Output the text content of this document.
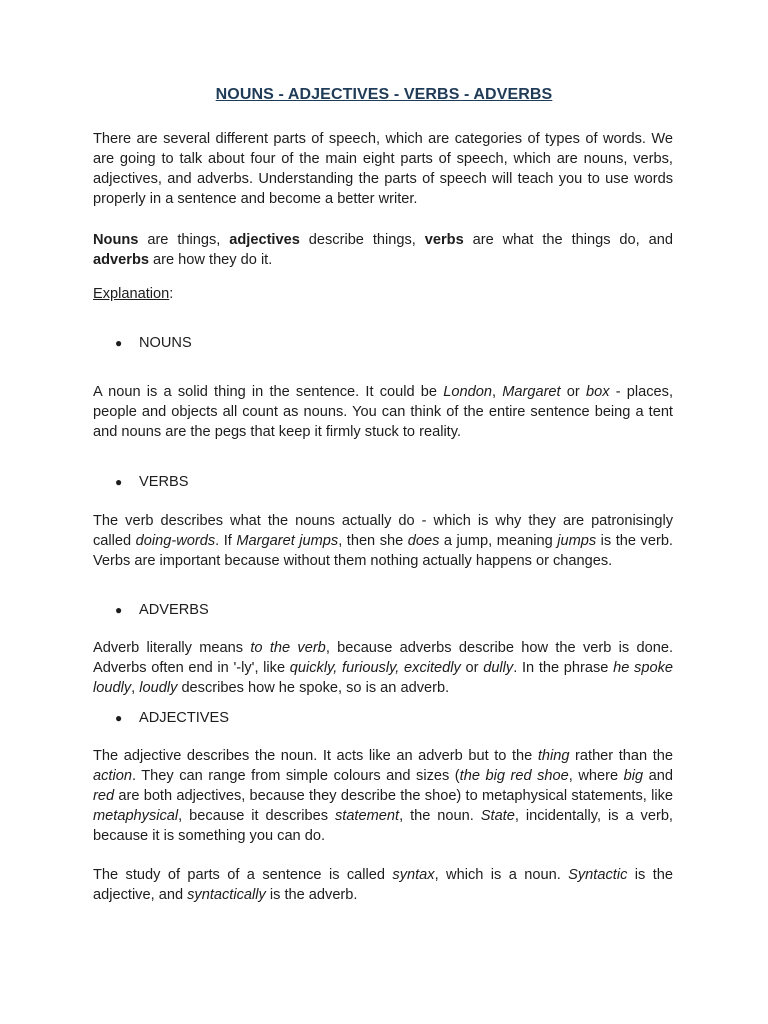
NOUNS - ADJECTIVES - VERBS - ADVERBS

There are several different parts of speech, which are categories of types of words. We are going to talk about four of the main eight parts of speech, which are nouns, verbs, adjectives, and adverbs. Understanding the parts of speech will teach you to use words properly in a sentence and become a better writer.

Nouns are things, adjectives describe things, verbs are what the things do, and adverbs are how they do it.

Explanation:
● NOUNS

A noun is a solid thing in the sentence. It could be London, Margaret or box - places, people and objects all count as nouns. You can think of the entire sentence being a tent and nouns are the pegs that keep it firmly stuck to reality.

● VERBS

The verb describes what the nouns actually do - which is why they are patronisingly called doing-words. If Margaret jumps, then she does a jump, meaning jumps is the verb. Verbs are important because without them nothing actually happens or changes.

● ADVERBS

Adverb literally means to the verb, because adverbs describe how the verb is done. Adverbs often end in '-ly', like quickly, furiously, excitedly or dully. In the phrase he spoke loudly, loudly describes how he spoke, so is an adverb.

● ADJECTIVES

The adjective describes the noun. It acts like an adverb but to the thing rather than the action. They can range from simple colours and sizes (the big red shoe, where big and red are both adjectives, because they describe the shoe) to metaphysical statements, like metaphysical, because it describes statement, the noun. State, incidentally, is a verb, because it is something you can do.

The study of parts of a sentence is called syntax, which is a noun. Syntactic is the adjective, and syntactically is the adverb.
